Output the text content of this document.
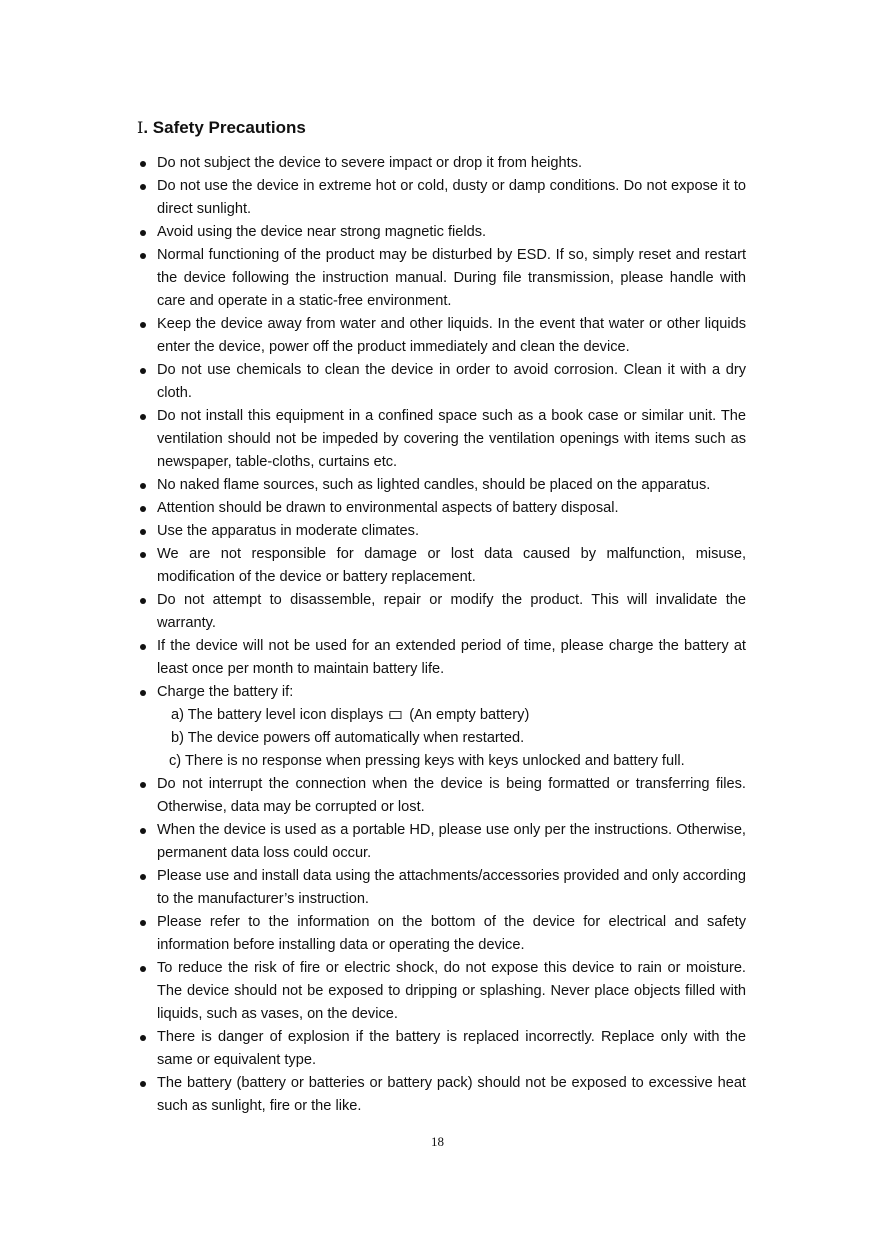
Ⅰ. Safety Precautions
Do not subject the device to severe impact or drop it from heights.
Do not use the device in extreme hot or cold, dusty or damp conditions. Do not expose it to direct sunlight.
Avoid using the device near strong magnetic fields.
Normal functioning of the product may be disturbed by ESD. If so, simply reset and restart the device following the instruction manual. During file transmission, please handle with care and operate in a static-free environment.
Keep the device away from water and other liquids. In the event that water or other liquids enter the device, power off the product immediately and clean the device.
Do not use chemicals to clean the device in order to avoid corrosion. Clean it with a dry cloth.
Do not install this equipment in a confined space such as a book case or similar unit. The ventilation should not be impeded by covering the ventilation openings with items such as newspaper, table-cloths, curtains etc.
No naked flame sources, such as lighted candles, should be placed on the apparatus.
Attention should be drawn to environmental aspects of battery disposal.
Use the apparatus in moderate climates.
We are not responsible for damage or lost data caused by malfunction, misuse, modification of the device or battery replacement.
Do not attempt to disassemble, repair or modify the product. This will invalidate the warranty.
If the device will not be used for an extended period of time, please charge the battery at least once per month to maintain battery life.
Charge the battery if:
a) The battery level icon displays (An empty battery)
b) The device powers off automatically when restarted.
c) There is no response when pressing keys with keys unlocked and battery full.
Do not interrupt the connection when the device is being formatted or transferring files. Otherwise, data may be corrupted or lost.
When the device is used as a portable HD, please use only per the instructions. Otherwise, permanent data loss could occur.
Please use and install data using the attachments/accessories provided and only according to the manufacturer’s instruction.
Please refer to the information on the bottom of the device for electrical and safety information before installing data or operating the device.
To reduce the risk of fire or electric shock, do not expose this device to rain or moisture. The device should not be exposed to dripping or splashing. Never place objects filled with liquids, such as vases, on the device.
There is danger of explosion if the battery is replaced incorrectly. Replace only with the same or equivalent type.
The battery (battery or batteries or battery pack) should not be exposed to excessive heat such as sunlight, fire or the like.
18
